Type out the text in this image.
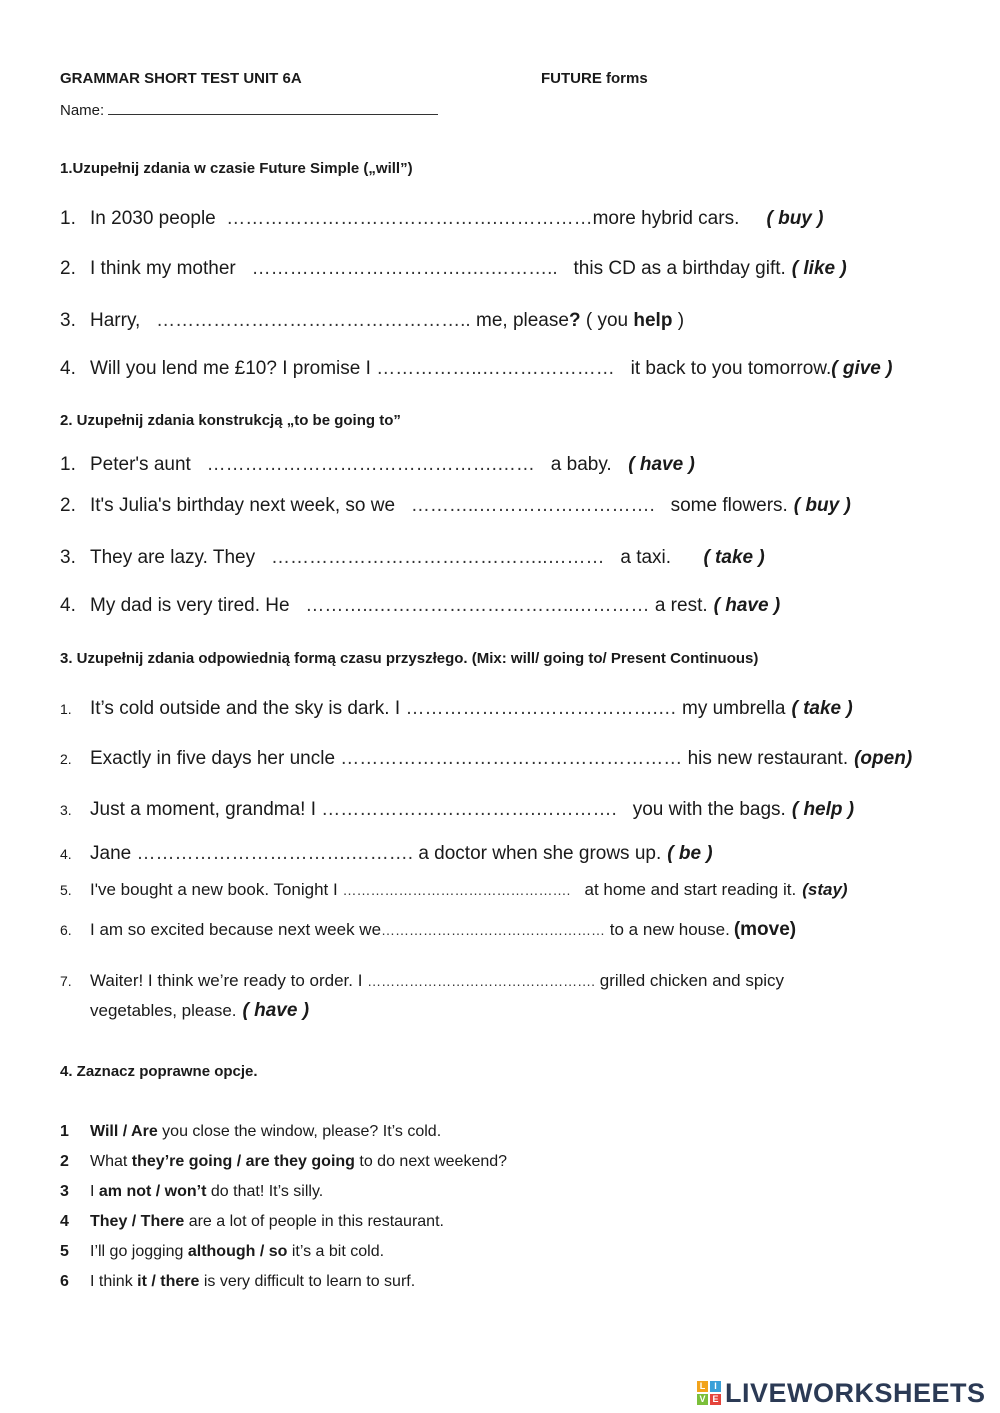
GRAMMAR SHORT TEST UNIT 6A	FUTURE forms
Name:
1.Uzupełnij zdania w czasie Future Simple („will”)
1. In 2030 people …………………………………….……………more hybrid cars. ( buy )
2. I think my mother …………………………….….……….. this CD as a birthday gift. ( like )
3. Harry, ………………………………………….. me, please? ( you help )
4. Will you lend me £10? I promise I ……………..………………… it back to you tomorrow.( give )
2. Uzupełnij zdania konstrukcją „to be going to”
1. Peter's aunt ……………………………………….…… a baby. ( have )
2. It's Julia's birthday next week, so we ………..………………………. some flowers. ( buy )
3. They are lazy. They ……………………………………..……… a taxi. ( take )
4. My dad is very tired. He ………..…………………………..………… a rest. ( have )
3. Uzupełnij zdania odpowiednią formą czasu przyszłego. (Mix: will/ going to/ Present Continuous)
1. It’s cold outside and the sky is dark. I ………………………………….… my umbrella ( take )
2. Exactly in five days her uncle ……………………………………………… his new restaurant. (open)
3. Just a moment, grandma! I …………………………….…………. you with the bags. ( help )
4. Jane …………………………….………. a doctor when she grows up. ( be )
5. I've bought a new book. Tonight I …………………………………………. at home and start reading it. (stay)
6. I am so excited because next week we………………………………………… to a new house. (move)
7. Waiter! I think we’re ready to order. I …………………………………………. grilled chicken and spicy
vegetables, please. ( have )
4. Zaznacz poprawne opcje.
1 Will / Are you close the window, please? It’s cold.
2 What they’re going / are they going to do next weekend?
3 I am not / won’t do that! It’s silly.
4 They / There are a lot of people in this restaurant.
5 I’ll go jogging although / so it’s a bit cold.
6 I think it / there is very difficult to learn to surf.
L I
V E LIVEWORKSHEETS
